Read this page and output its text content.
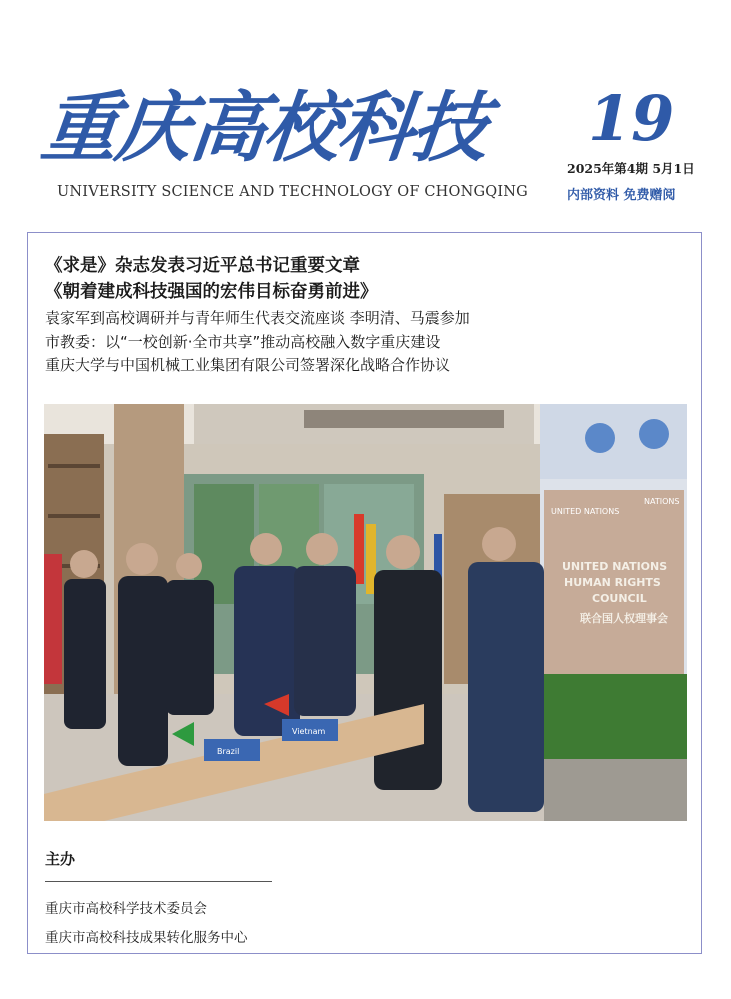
重庆高校科技
UNIVERSITY SCIENCE AND TECHNOLOGY OF CHONGQING
19
2025年第4期 5月1日
内部资料 免费赠阅
《求是》杂志发表习近平总书记重要文章
《朝着建成科技强国的宏伟目标奋勇前进》
袁家军到高校调研并与青年师生代表交流座谈 李明清、马震参加
市教委：以“一校创新·全市共享”推动高校融入数字重庆建设
重庆大学与中国机械工业集团有限公司签署深化战略合作协议
UNITED NATIONS
NATIONS
UNITED NATIONS
HUMAN RIGHTS
COUNCIL
联合国人权理事会
Brazil
Vietnam
主办
重庆市高校科学技术委员会
重庆市高校科技成果转化服务中心
